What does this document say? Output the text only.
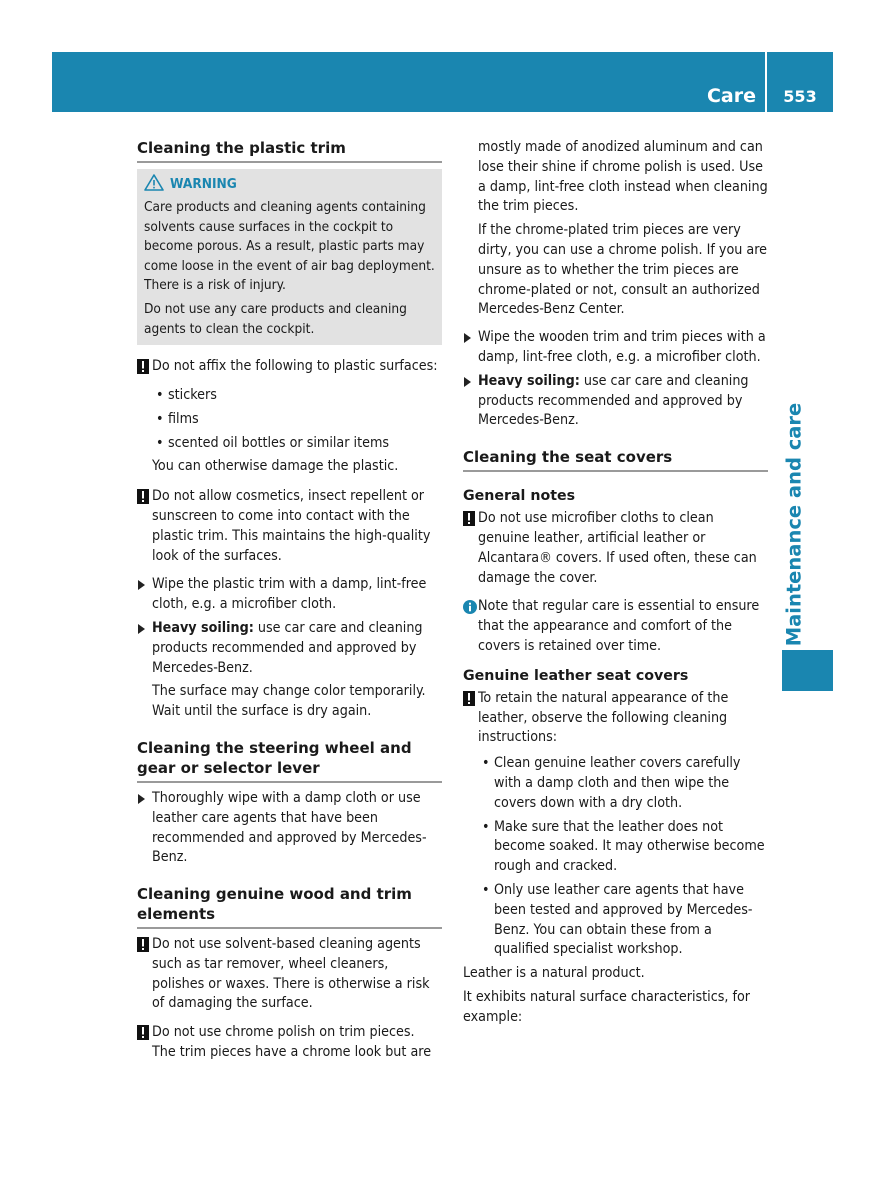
Care	553
Maintenance and care
Cleaning the plastic trim
WARNING
Care products and cleaning agents containing solvents cause surfaces in the cockpit to become porous. As a result, plastic parts may come loose in the event of air bag deployment. There is a risk of injury.
Do not use any care products and cleaning agents to clean the cockpit.
Do not affix the following to plastic surfaces:
• stickers
• films
• scented oil bottles or similar items
You can otherwise damage the plastic.
Do not allow cosmetics, insect repellent or sunscreen to come into contact with the plastic trim. This maintains the high-quality look of the surfaces.
Wipe the plastic trim with a damp, lint-free cloth, e.g. a microfiber cloth.
Heavy soiling: use car care and cleaning products recommended and approved by Mercedes-Benz.
The surface may change color temporarily. Wait until the surface is dry again.
Cleaning the steering wheel and gear or selector lever
Thoroughly wipe with a damp cloth or use leather care agents that have been recommended and approved by Mercedes-Benz.
Cleaning genuine wood and trim elements
Do not use solvent-based cleaning agents such as tar remover, wheel cleaners, polishes or waxes. There is otherwise a risk of damaging the surface.
Do not use chrome polish on trim pieces. The trim pieces have a chrome look but are
mostly made of anodized aluminum and can lose their shine if chrome polish is used. Use a damp, lint-free cloth instead when cleaning the trim pieces.
If the chrome-plated trim pieces are very dirty, you can use a chrome polish. If you are unsure as to whether the trim pieces are chrome-plated or not, consult an authorized Mercedes-Benz Center.
Wipe the wooden trim and trim pieces with a damp, lint-free cloth, e.g. a microfiber cloth.
Heavy soiling: use car care and cleaning products recommended and approved by Mercedes-Benz.
Cleaning the seat covers
General notes
Do not use microfiber cloths to clean genuine leather, artificial leather or Alcantara® covers. If used often, these can damage the cover.
Note that regular care is essential to ensure that the appearance and comfort of the covers is retained over time.
Genuine leather seat covers
To retain the natural appearance of the leather, observe the following cleaning instructions:
• Clean genuine leather covers carefully with a damp cloth and then wipe the covers down with a dry cloth.
• Make sure that the leather does not become soaked. It may otherwise become rough and cracked.
• Only use leather care agents that have been tested and approved by Mercedes-Benz. You can obtain these from a qualified specialist workshop.
Leather is a natural product.
It exhibits natural surface characteristics, for example:
